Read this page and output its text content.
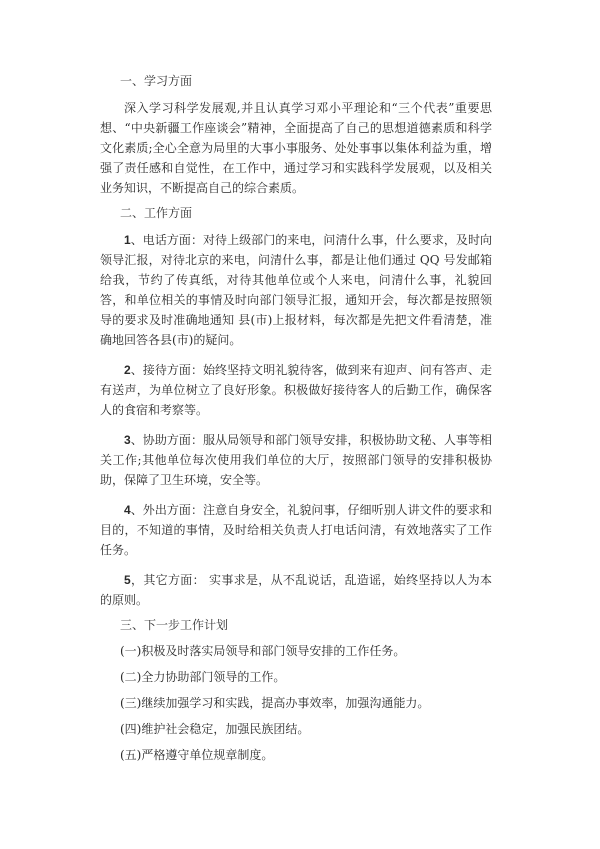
一、学习方面

深入学习科学发展观,并且认真学习邓小平理论和“三个代表”重要思想、“中央新疆工作座谈会”精神，全面提高了自己的思想道德素质和科学文化素质;全心全意为局里的大事小事服务、处处事事以集体利益为重，增强了责任感和自觉性，在工作中，通过学习和实践科学发展观，以及相关业务知识，不断提高自己的综合素质。

二、工作方面

1、电话方面：对待上级部门的来电，问清什么事，什么要求，及时向领导汇报，对待北京的来电，问清什么事，都是让他们通过 QQ 号发邮箱给我，节约了传真纸，对待其他单位或个人来电，问清什么事，礼貌回答，和单位相关的事情及时向部门领导汇报，通知开会，每次都是按照领导的要求及时准确地通知 县(市)上报材料，每次都是先把文件看清楚，准确地回答各县(市)的疑问。

2、接待方面：始终坚持文明礼貌待客，做到来有迎声、问有答声、走有送声，为单位树立了良好形象。积极做好接待客人的后勤工作，确保客人的食宿和考察等。

3、协助方面：服从局领导和部门领导安排，积极协助文秘、人事等相关工作;其他单位每次使用我们单位的大厅，按照部门领导的安排积极协助，保障了卫生环境，安全等。

4、外出方面：注意自身安全，礼貌问事，仔细听别人讲文件的要求和目的，不知道的事情，及时给相关负责人打电话问清，有效地落实了工作任务。

5，其它方面： 实事求是，从不乱说话，乱造谣，始终坚持以人为本的原则。

三、下一步工作计划
(一)积极及时落实局领导和部门领导安排的工作任务。
(二)全力协助部门领导的工作。
(三)继续加强学习和实践，提高办事效率，加强沟通能力。
(四)维护社会稳定，加强民族团结。
(五)严格遵守单位规章制度。
